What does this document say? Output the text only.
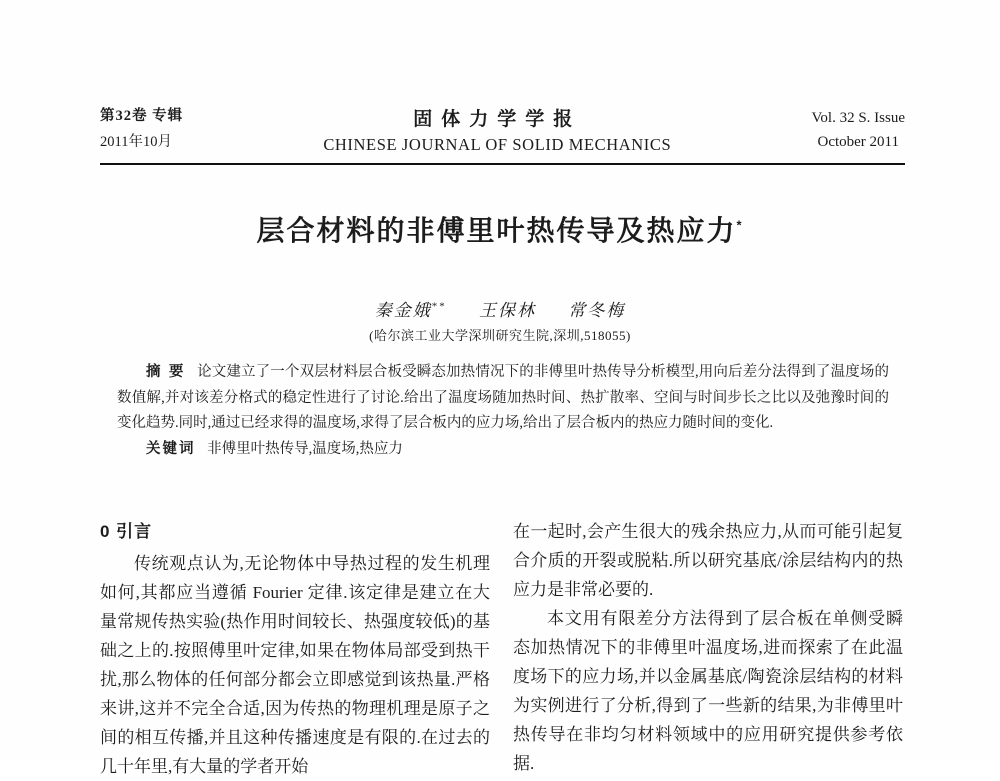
第32卷 专辑
2011年10月
固体力学学报
CHINESE JOURNAL OF SOLID MECHANICS
Vol. 32 S. Issue
October 2011
层合材料的非傅里叶热传导及热应力*
秦金娥** 王保林 常冬梅
(哈尔滨工业大学深圳研究生院,深圳,518055)

摘 要 论文建立了一个双层材料层合板受瞬态加热情况下的非傅里叶热传导分析模型,用向后差分法得到了温度场的数值解,并对该差分格式的稳定性进行了讨论.给出了温度场随加热时间、热扩散率、空间与时间步长之比以及弛豫时间的变化趋势.同时,通过已经求得的温度场,求得了层合板内的应力场,给出了层合板内的热应力随时间的变化.

关键词 非傅里叶热传导,温度场,热应力

0 引言

传统观点认为,无论物体中导热过程的发生机理如何,其都应当遵循 Fourier 定律.该定律是建立在大量常规传热实验(热作用时间较长、热强度较低)的基础之上的.按照傅里叶定律,如果在物体局部受到热干扰,那么物体的任何部分都会立即感觉到该热量.严格来讲,这并不完全合适,因为传热的物理机理是原子之间的相互传播,并且这种传播速度是有限的.在过去的几十年里,有大量的学者开始

在一起时,会产生很大的残余热应力,从而可能引起复合介质的开裂或脱粘.所以研究基底/涂层结构内的热应力是非常必要的.

本文用有限差分方法得到了层合板在单侧受瞬态加热情况下的非傅里叶温度场,进而探索了在此温度场下的应力场,并以金属基底/陶瓷涂层结构的材料为实例进行了分析,得到了一些新的结果,为非傅里叶热传导在非均匀材料领域中的应用研究提供参考依据.
